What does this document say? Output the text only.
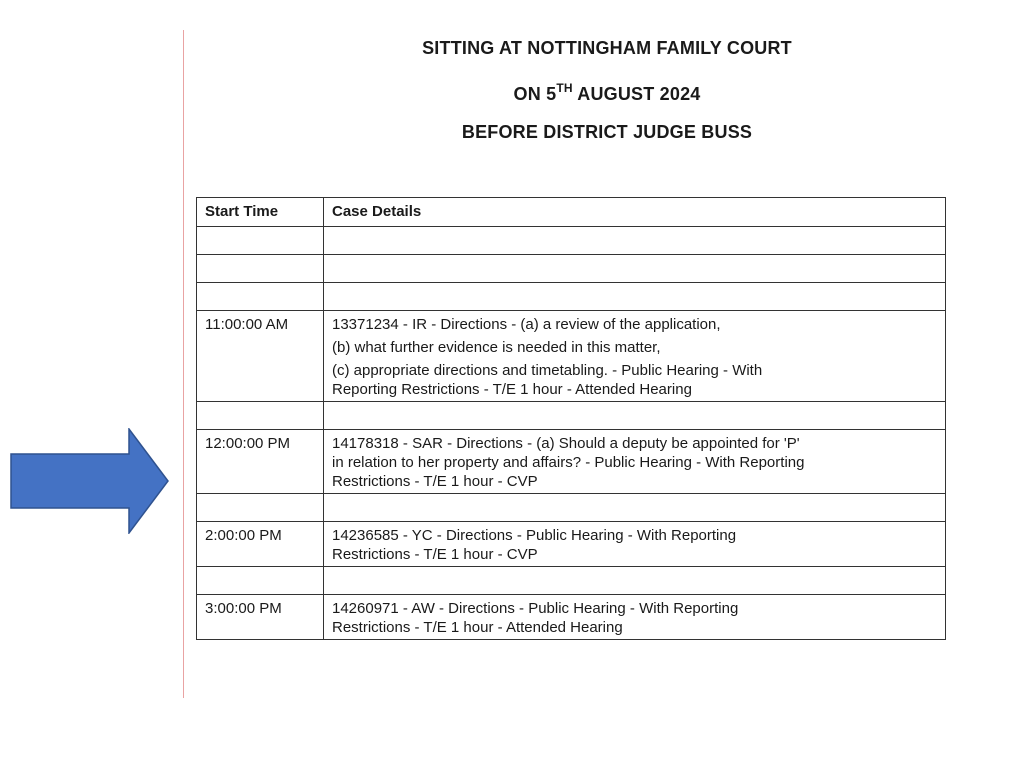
SITTING AT NOTTINGHAM FAMILY COURT
ON 5TH AUGUST 2024
BEFORE DISTRICT JUDGE BUSS
Start Time	Case Details

11:00:00 AM	13371234 - IR - Directions - (a) a review of the application,
(b) what further evidence is needed in this matter,
(c) appropriate directions and timetabling. - Public Hearing - With
Reporting Restrictions - T/E 1 hour - Attended Hearing

12:00:00 PM	14178318 - SAR - Directions - (a) Should a deputy be appointed for 'P'
in relation to her property and affairs? - Public Hearing - With Reporting
Restrictions - T/E 1 hour - CVP

2:00:00 PM	14236585 - YC - Directions - Public Hearing - With Reporting
Restrictions - T/E 1 hour - CVP

3:00:00 PM	14260971 - AW - Directions - Public Hearing - With Reporting
Restrictions - T/E 1 hour - Attended Hearing
